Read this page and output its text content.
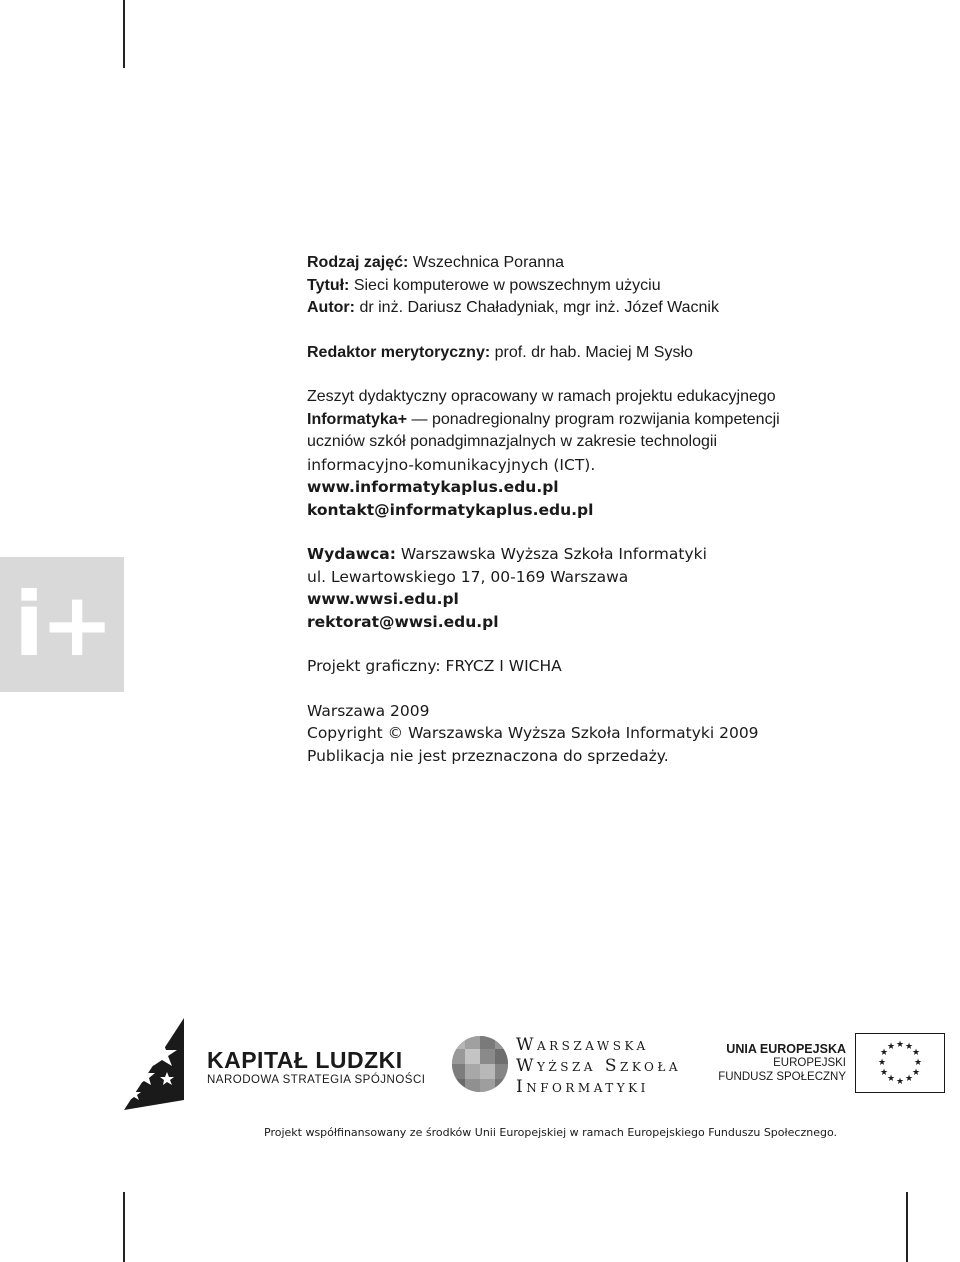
i+
Rodzaj zajęć: Wszechnica Poranna
Tytuł: Sieci komputerowe w powszechnym użyciu
Autor: dr inż. Dariusz Chaładyniak, mgr inż. Józef Wacnik
Redaktor merytoryczny: prof. dr hab. Maciej M Sysło
Zeszyt dydaktyczny opracowany w ramach projektu edukacyjnego
Informatyka+ — ponadregionalny program rozwijania kompetencji
uczniów szkół ponadgimnazjalnych w zakresie technologii
informacyjno-komunikacyjnych (ICT).
www.informatykaplus.edu.pl
kontakt@informatykaplus.edu.pl
Wydawca: Warszawska Wyższa Szkoła Informatyki
ul. Lewartowskiego 17, 00-169 Warszawa
www.wwsi.edu.pl
rektorat@wwsi.edu.pl
Projekt graficzny: FRYCZ I WICHA
Warszawa 2009
Copyright © Warszawska Wyższa Szkoła Informatyki 2009
Publikacja nie jest przeznaczona do sprzedaży.
KAPITAŁ LUDZKI
NARODOWA STRATEGIA SPÓJNOŚCI
Warszawska
Wyższa Szkoła
Informatyki
UNIA EUROPEJSKA
EUROPEJSKI
FUNDUSZ SPOŁECZNY
★ ★
★
★
★
★
★
★
★
★
★
★
Projekt współfinansowany ze środków Unii Europejskiej w ramach Europejskiego Funduszu Społecznego.
